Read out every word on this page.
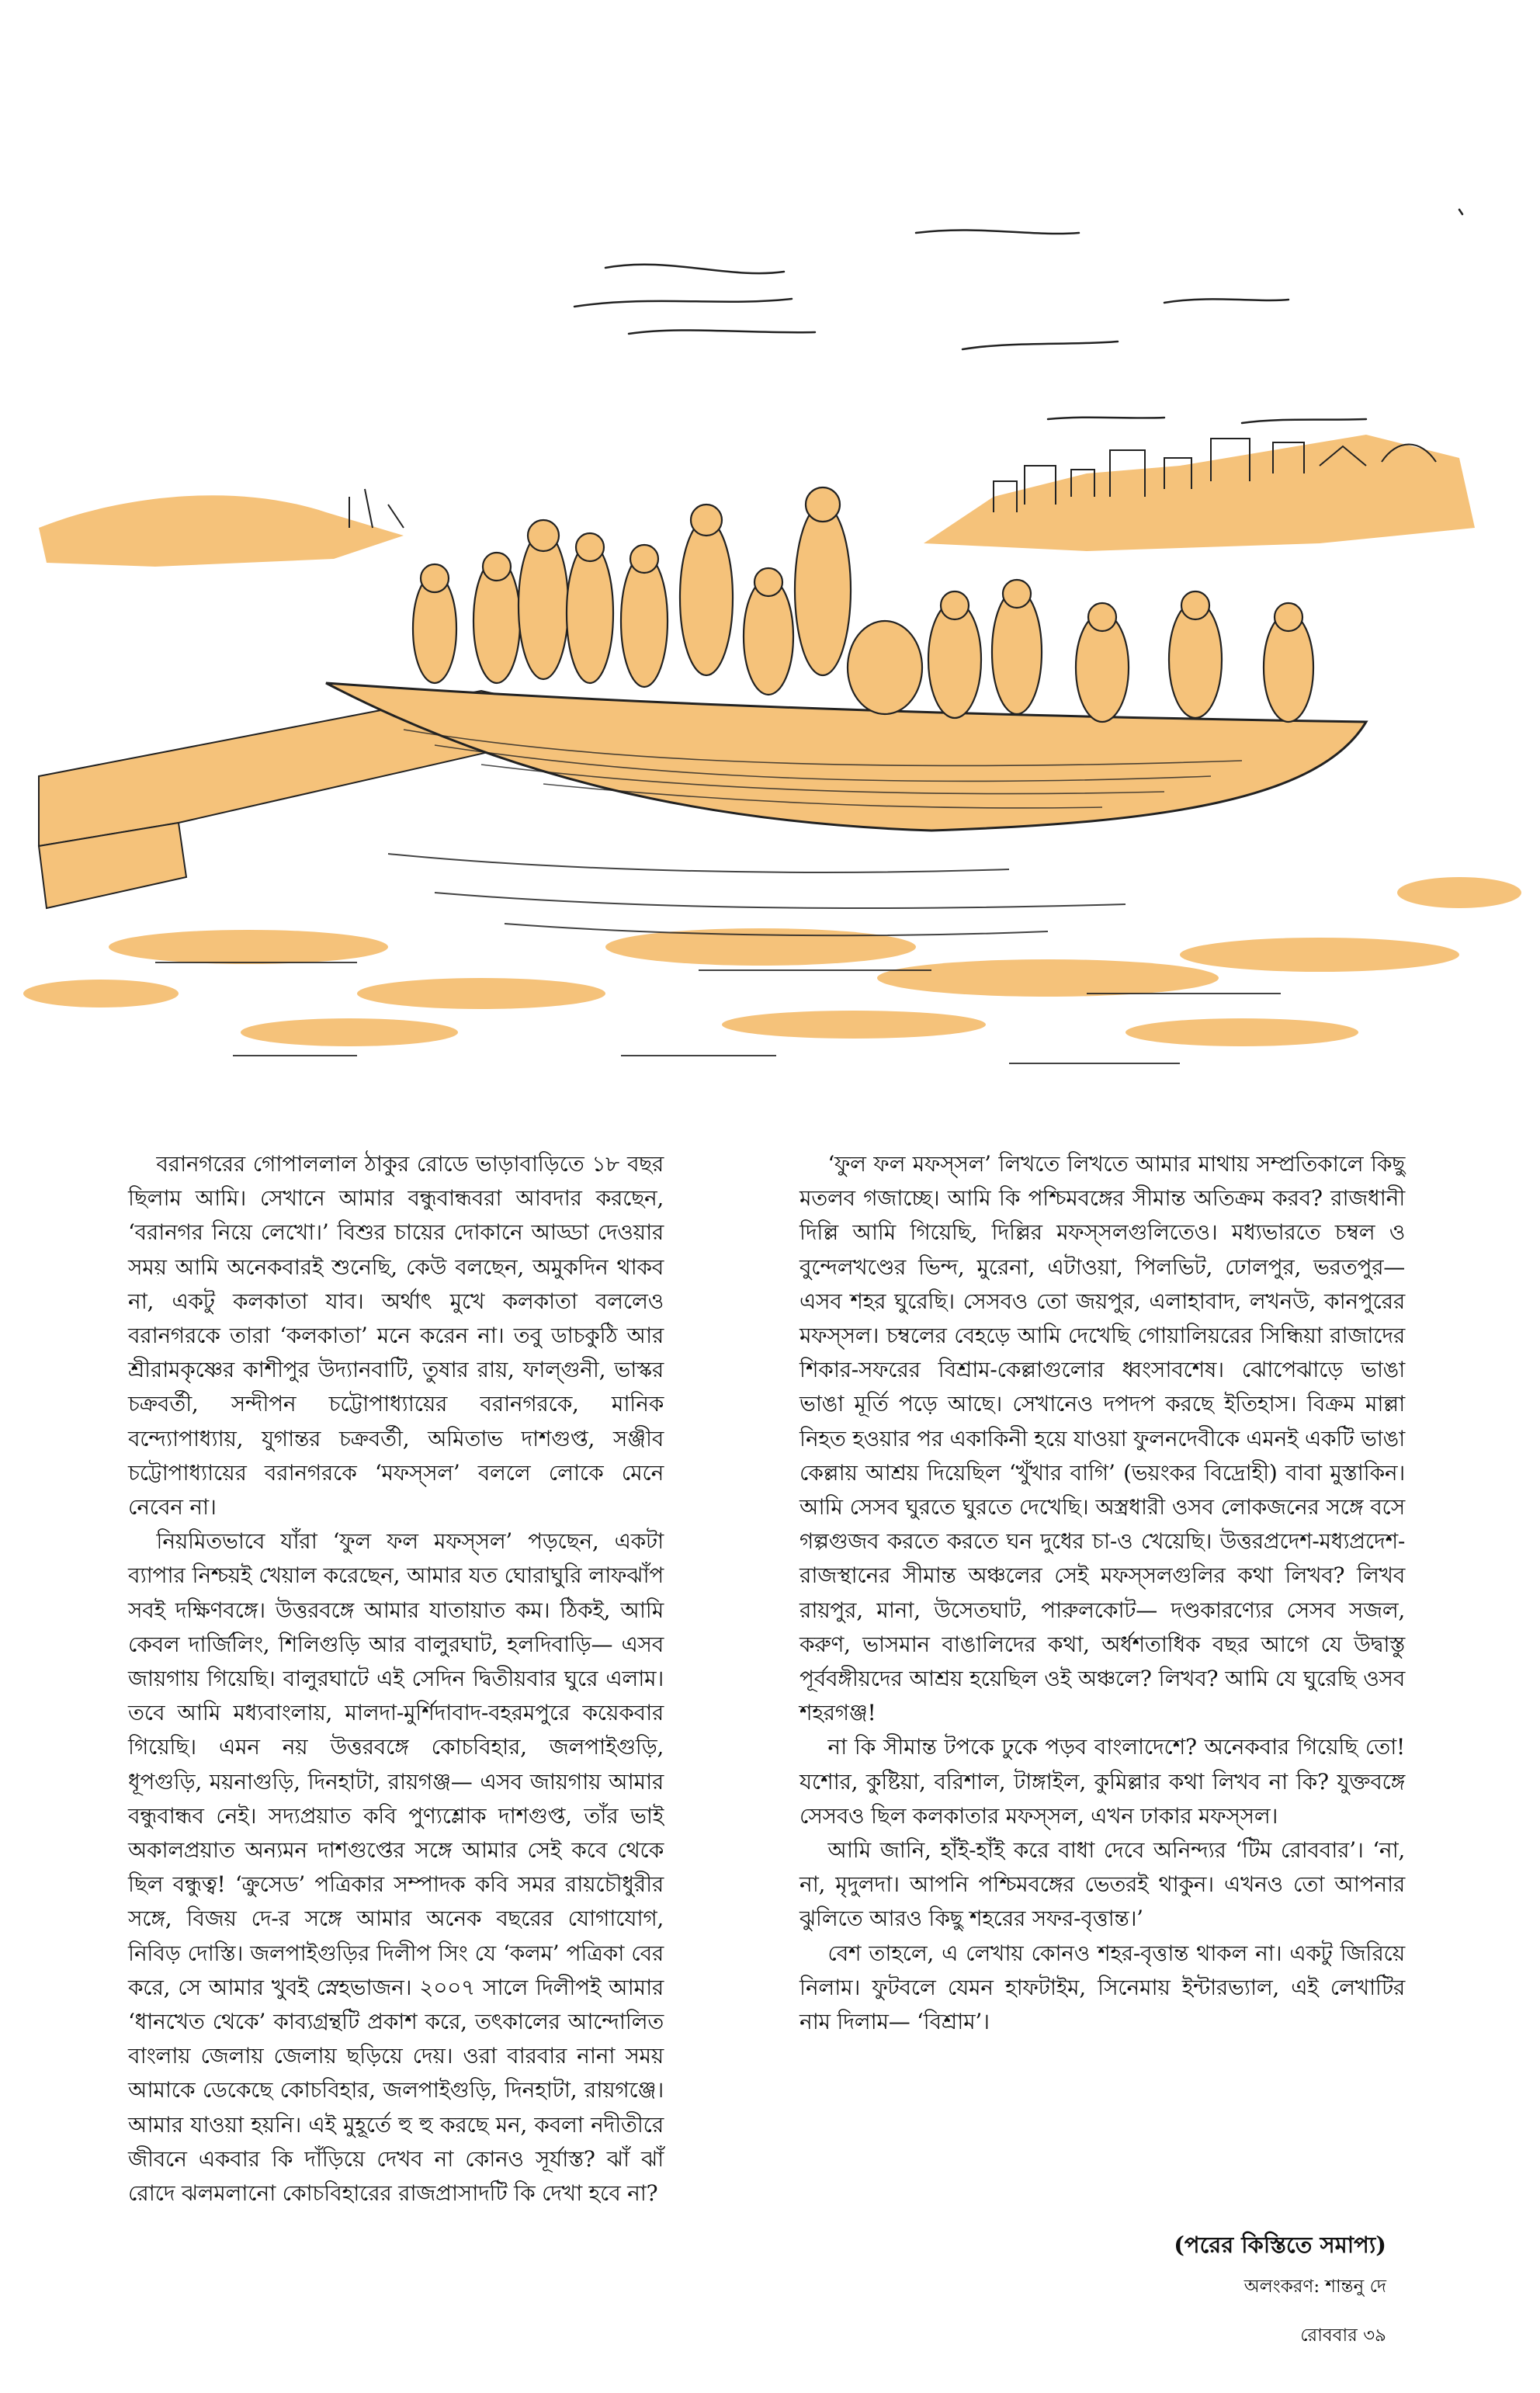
বরানগরের গোপাললাল ঠাকুর রোডে ভাড়াবাড়িতে ১৮ বছর ছিলাম আমি। সেখানে আমার বন্ধুবান্ধবরা আবদার করছেন, ‘বরানগর নিয়ে লেখো।’ বিশুর চায়ের দোকানে আড্ডা দেওয়ার সময় আমি অনেকবারই শুনেছি, কেউ বলছেন, অমুকদিন থাকব না, একটু কলকাতা যাব। অর্থাৎ মুখে কলকাতা বললেও বরানগরকে তারা ‘কলকাতা’ মনে করেন না। তবু ডাচকুঠি আর শ্রীরামকৃষ্ণের কাশীপুর উদ্যানবাটি, তুষার রায়, ফাল্গুনী, ভাস্কর চক্রবর্তী, সন্দীপন চট্টোপাধ্যায়ের বরানগরকে, মানিক বন্দ্যোপাধ্যায়, যুগান্তর চক্রবর্তী, অমিতাভ দাশগুপ্ত, সঞ্জীব চট্টোপাধ্যায়ের বরানগরকে ‘মফস্সল’ বললে লোকে মেনে নেবেন না।

নিয়মিতভাবে যাঁরা ‘ফুল ফল মফস্সল’ পড়ছেন, একটা ব্যাপার নিশ্চয়ই খেয়াল করেছেন, আমার যত ঘোরাঘুরি লাফঝাঁপ সবই দক্ষিণবঙ্গে। উত্তরবঙ্গে আমার যাতায়াত কম। ঠিকই, আমি কেবল দার্জিলিং, শিলিগুড়ি আর বালুরঘাট, হলদিবাড়ি— এসব জায়গায় গিয়েছি। বালুরঘাটে এই সেদিন দ্বিতীয়বার ঘুরে এলাম। তবে আমি মধ্যবাংলায়, মালদা-মুর্শিদাবাদ-বহরমপুরে কয়েকবার গিয়েছি। এমন নয় উত্তরবঙ্গে কোচবিহার, জলপাইগুড়ি, ধূপগুড়ি, ময়নাগুড়ি, দিনহাটা, রায়গঞ্জ— এসব জায়গায় আমার বন্ধুবান্ধব নেই। সদ্যপ্রয়াত কবি পুণ্যশ্লোক দাশগুপ্ত, তাঁর ভাই অকালপ্রয়াত অন্যমন দাশগুপ্তের সঙ্গে আমার সেই কবে থেকে ছিল বন্ধুত্ব! ‘ক্রুসেড’ পত্রিকার সম্পাদক কবি সমর রায়চৌধুরীর সঙ্গে, বিজয় দে-র সঙ্গে আমার অনেক বছরের যোগাযোগ, নিবিড় দোস্তি। জলপাইগুড়ির দিলীপ সিং যে ‘কলম’ পত্রিকা বের করে, সে আমার খুবই স্নেহভাজন। ২০০৭ সালে দিলীপই আমার ‘ধানখেত থেকে’ কাব্যগ্রন্থটি প্রকাশ করে, তৎকালের আন্দোলিত বাংলায় জেলায় জেলায় ছড়িয়ে দেয়। ওরা বারবার নানা সময় আমাকে ডেকেছে কোচবিহার, জলপাইগুড়ি, দিনহাটা, রায়গঞ্জে। আমার যাওয়া হয়নি। এই মুহূর্তে হু হু করছে মন, কবলা নদীতীরে জীবনে একবার কি দাঁড়িয়ে দেখব না কোনও সূর্যাস্ত? ঝাঁ ঝাঁ রোদে ঝলমলানো কোচবিহারের রাজপ্রাসাদটি কি দেখা হবে না?

‘ফুল ফল মফস্সল’ লিখতে লিখতে আমার মাথায় সম্প্রতিকালে কিছু মতলব গজাচ্ছে। আমি কি পশ্চিমবঙ্গের সীমান্ত অতিক্রম করব? রাজধানী দিল্লি আমি গিয়েছি, দিল্লির মফস্সলগুলিতেও। মধ্যভারতে চম্বল ও বুন্দেলখণ্ডের ভিন্দ, মুরেনা, এটাওয়া, পিলভিট, ঢোলপুর, ভরতপুর— এসব শহর ঘুরেছি। সেসবও তো জয়পুর, এলাহাবাদ, লখনউ, কানপুরের মফস্সল। চম্বলের বেহড়ে আমি দেখেছি গোয়ালিয়রের সিন্ধিয়া রাজাদের শিকার-সফরের বিশ্রাম-কেল্লাগুলোর ধ্বংসাবশেষ। ঝোপেঝাড়ে ভাঙা ভাঙা মূর্তি পড়ে আছে। সেখানেও দপদপ করছে ইতিহাস। বিক্রম মাল্লা নিহত হওয়ার পর একাকিনী হয়ে যাওয়া ফুলনদেবীকে এমনই একটি ভাঙা কেল্লায় আশ্রয় দিয়েছিল ‘খুঁখার বাগি’ (ভয়ংকর বিদ্রোহী) বাবা মুস্তাকিন। আমি সেসব ঘুরতে ঘুরতে দেখেছি। অস্ত্রধারী ওসব লোকজনের সঙ্গে বসে গল্পগুজব করতে করতে ঘন দুধের চা-ও খেয়েছি। উত্তরপ্রদেশ-মধ্যপ্রদেশ-রাজস্থানের সীমান্ত অঞ্চলের সেই মফস্সলগুলির কথা লিখব? লিখব রায়পুর, মানা, উসেতঘাট, পারুলকোট— দণ্ডকারণ্যের সেসব সজল, করুণ, ভাসমান বাঙালিদের কথা, অর্ধশতাধিক বছর আগে যে উদ্বাস্তু পূর্ববঙ্গীয়দের আশ্রয় হয়েছিল ওই অঞ্চলে? লিখব? আমি যে ঘুরেছি ওসব শহরগঞ্জ!

না কি সীমান্ত টপকে ঢুকে পড়ব বাংলাদেশে? অনেকবার গিয়েছি তো! যশোর, কুষ্টিয়া, বরিশাল, টাঙ্গাইল, কুমিল্লার কথা লিখব না কি? যুক্তবঙ্গে সেসবও ছিল কলকাতার মফস্সল, এখন ঢাকার মফস্সল।

আমি জানি, হাঁই-হাঁই করে বাধা দেবে অনিন্দ্যর ‘টিম রোববার’। ‘না, না, মৃদুলদা। আপনি পশ্চিমবঙ্গের ভেতরই থাকুন। এখনও তো আপনার ঝুলিতে আরও কিছু শহরের সফর-বৃত্তান্ত।’

বেশ তাহলে, এ লেখায় কোনও শহর-বৃত্তান্ত থাকল না। একটু জিরিয়ে নিলাম। ফুটবলে যেমন হাফটাইম, সিনেমায় ইন্টারভ্যাল, এই লেখাটির নাম দিলাম— ‘বিশ্রাম’।

(পরের কিস্তিতে সমাপ্য)
অলংকরণ: শান্তনু দে
রোববার ৩৯
